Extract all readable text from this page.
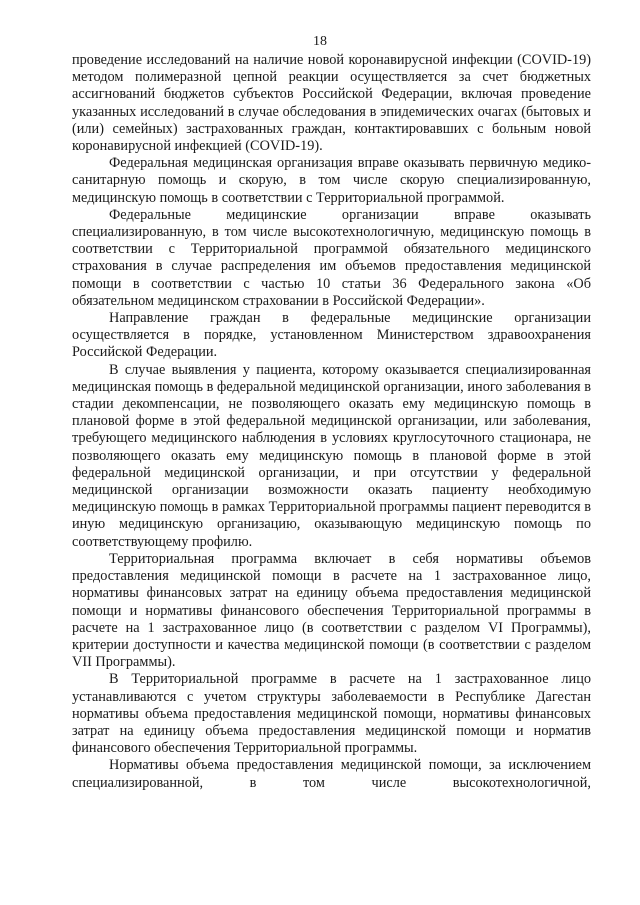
18

проведение исследований на наличие новой коронавирусной инфекции (COVID-19) методом полимеразной цепной реакции осуществляется за счет бюджетных ассигнований бюджетов субъектов Российской Федерации, включая проведение указанных исследований в случае обследования в эпидемических очагах (бытовых и (или) семейных) застрахованных граждан, контактировавших с больным новой коронавирусной инфекцией (COVID-19).

Федеральная медицинская организация вправе оказывать первичную медико-санитарную помощь и скорую, в том числе скорую специализированную, медицинскую помощь в соответствии с Территориальной программой.

Федеральные медицинские организации вправе оказывать специализированную, в том числе высокотехнологичную, медицинскую помощь в соответствии с Территориальной программой обязательного медицинского страхования в случае распределения им объемов предоставления медицинской помощи в соответствии с частью 10 статьи 36 Федерального закона «Об обязательном медицинском страховании в Российской Федерации».

Направление граждан в федеральные медицинские организации осуществляется в порядке, установленном Министерством здравоохранения Российской Федерации.

В случае выявления у пациента, которому оказывается специализированная медицинская помощь в федеральной медицинской организации, иного заболевания в стадии декомпенсации, не позволяющего оказать ему медицинскую помощь в плановой форме в этой федеральной медицинской организации, или заболевания, требующего медицинского наблюдения в условиях круглосуточного стационара, не позволяющего оказать ему медицинскую помощь в плановой форме в этой федеральной медицинской организации, и при отсутствии у федеральной медицинской организации возможности оказать пациенту необходимую медицинскую помощь в рамках Территориальной программы пациент переводится в иную медицинскую организацию, оказывающую медицинскую помощь по соответствующему профилю.

Территориальная программа включает в себя нормативы объемов предоставления медицинской помощи в расчете на 1 застрахованное лицо, нормативы финансовых затрат на единицу объема предоставления медицинской помощи и нормативы финансового обеспечения Территориальной программы в расчете на 1 застрахованное лицо (в соответствии с разделом VI Программы), критерии доступности и качества медицинской помощи (в соответствии с разделом VII Программы).

В Территориальной программе в расчете на 1 застрахованное лицо устанавливаются с учетом структуры заболеваемости в Республике Дагестан нормативы объема предоставления медицинской помощи, нормативы финансовых затрат на единицу объема предоставления медицинской помощи и норматив финансового обеспечения Территориальной программы.

Нормативы объема предоставления медицинской помощи, за исключением специализированной, в том числе высокотехнологичной,
